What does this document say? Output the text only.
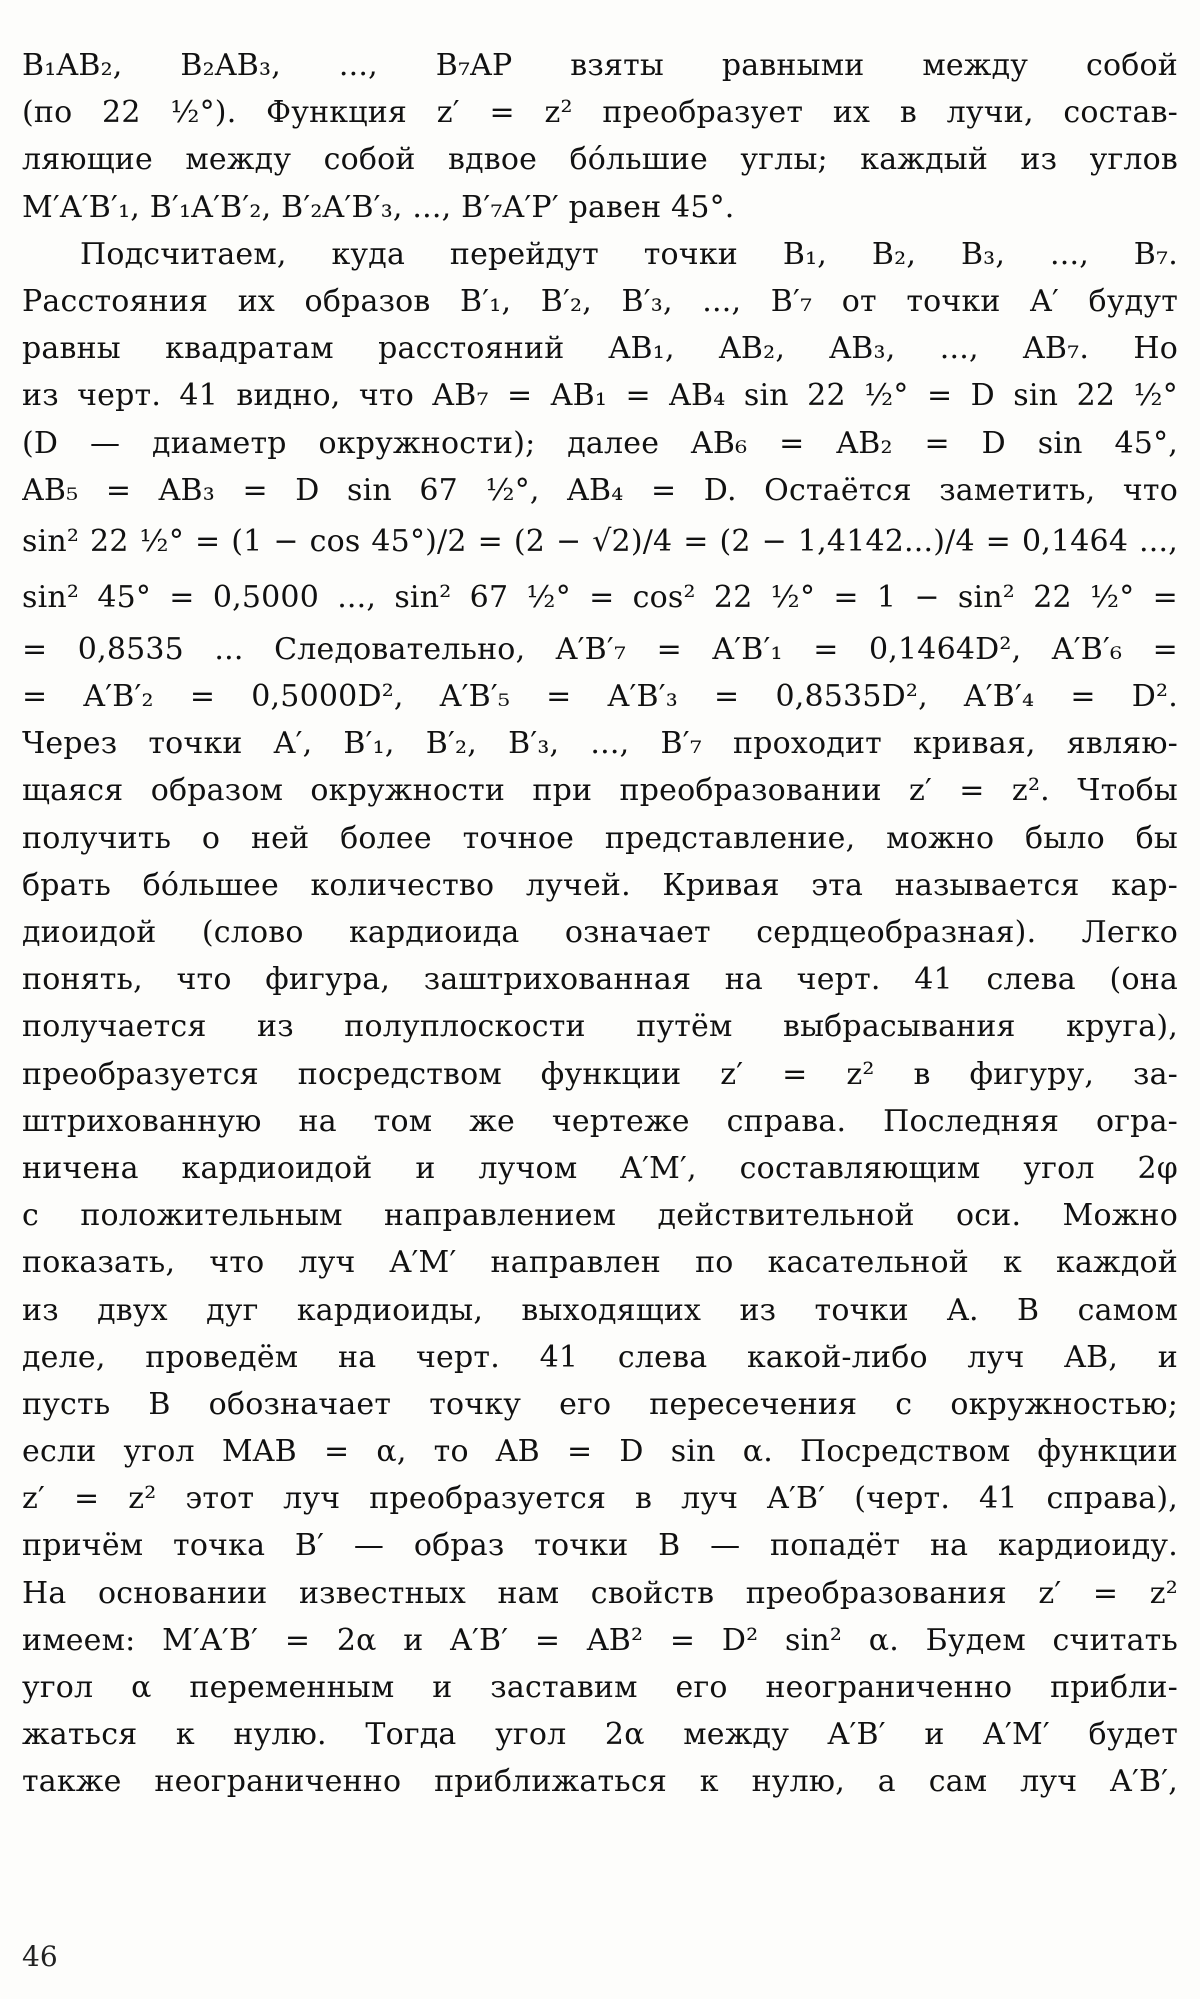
B₁AB₂, B₂AB₃, ..., B₇AP взяты равными между собой
(по 22 ½°). Функция z′ = z² преобразует их в лучи, состав-
ляющие между собой вдвое бо́льшие углы; каждый из углов
M′A′B′₁, B′₁A′B′₂, B′₂A′B′₃, ..., B′₇A′P′ равен 45°.
Подсчитаем, куда перейдут точки B₁, B₂, B₃, ..., B₇.
Расстояния их образов B′₁, B′₂, B′₃, ..., B′₇ от точки A′ будут
равны квадратам расстояний AB₁, AB₂, AB₃, ..., AB₇. Но
из черт. 41 видно, что AB₇ = AB₁ = AB₄ sin 22 ½° = D sin 22 ½°
(D — диаметр окружности); далее AB₆ = AB₂ = D sin 45°,
AB₅ = AB₃ = D sin 67 ½°, AB₄ = D. Остаётся заметить, что
sin² 22 ½° = (1 − cos 45°)/2 = (2 − √2)/4 = (2 − 1,4142...)/4 = 0,1464 ...,
sin² 45° = 0,5000 ..., sin² 67 ½° = cos² 22 ½° = 1 − sin² 22 ½° =
= 0,8535 ... Следовательно, A′B′₇ = A′B′₁ = 0,1464D², A′B′₆ =
= A′B′₂ = 0,5000D², A′B′₅ = A′B′₃ = 0,8535D², A′B′₄ = D².
Через точки A′, B′₁, B′₂, B′₃, ..., B′₇ проходит кривая, являю-
щаяся образом окружности при преобразовании z′ = z². Чтобы
получить о ней более точное представление, можно было бы
брать бо́льшее количество лучей. Кривая эта называется кар-
диоидой (слово кардиоида означает сердцеобразная). Легко
понять, что фигура, заштрихованная на черт. 41 слева (она
получается из полуплоскости путём выбрасывания круга),
преобразуется посредством функции z′ = z² в фигуру, за-
штрихованную на том же чертеже справа. Последняя огра-
ничена кардиоидой и лучом A′M′, составляющим угол 2φ
с положительным направлением действительной оси. Можно
показать, что луч A′M′ направлен по касательной к каждой
из двух дуг кардиоиды, выходящих из точки A. В самом
деле, проведём на черт. 41 слева какой-либо луч AB, и
пусть B обозначает точку его пересечения с окружностью;
если угол MAB = α, то AB = D sin α. Посредством функции
z′ = z² этот луч преобразуется в луч A′B′ (черт. 41 справа),
причём точка B′ — образ точки B — попадёт на кардиоиду.
На основании известных нам свойств преобразования z′ = z²
имеем: M′A′B′ = 2α и A′B′ = AB² = D² sin² α. Будем считать
угол α переменным и заставим его неограниченно прибли-
жаться к нулю. Тогда угол 2α между A′B′ и A′M′ будет
также неограниченно приближаться к нулю, а сам луч A′B′,
46
